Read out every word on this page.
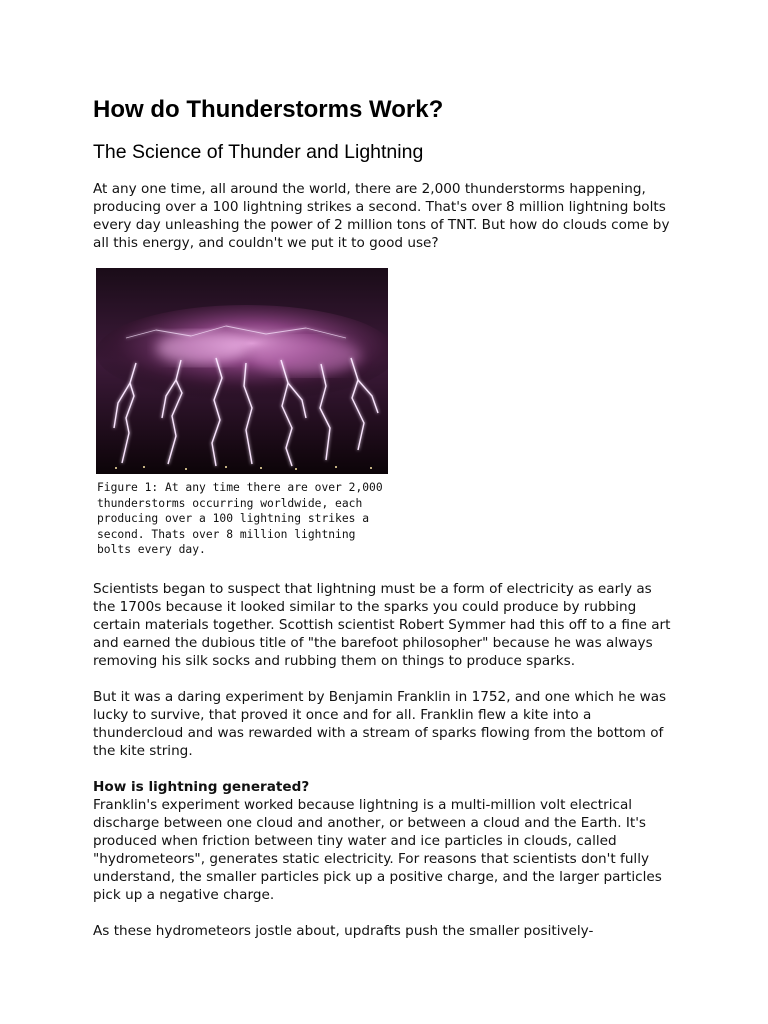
How do Thunderstorms Work?
The Science of Thunder and Lightning

At any one time, all around the world, there are 2,000 thunderstorms happening, producing over a 100 lightning strikes a second. That's over 8 million lightning bolts every day unleashing the power of 2 million tons of TNT. But how do clouds come by all this energy, and couldn't we put it to good use?

Figure 1: At any time there are over 2,000 thunderstorms occurring worldwide, each producing over a 100 lightning strikes a second. Thats over 8 million lightning bolts every day.

Scientists began to suspect that lightning must be a form of electricity as early as the 1700s because it looked similar to the sparks you could produce by rubbing certain materials together. Scottish scientist Robert Symmer had this off to a fine art and earned the dubious title of "the barefoot philosopher" because he was always removing his silk socks and rubbing them on things to produce sparks.

But it was a daring experiment by Benjamin Franklin in 1752, and one which he was lucky to survive, that proved it once and for all. Franklin flew a kite into a thundercloud and was rewarded with a stream of sparks flowing from the bottom of the kite string.

How is lightning generated?

Franklin's experiment worked because lightning is a multi-million volt electrical discharge between one cloud and another, or between a cloud and the Earth. It's produced when friction between tiny water and ice particles in clouds, called "hydrometeors", generates static electricity. For reasons that scientists don't fully understand, the smaller particles pick up a positive charge, and the larger particles pick up a negative charge.

As these hydrometeors jostle about, updrafts push the smaller positively-
